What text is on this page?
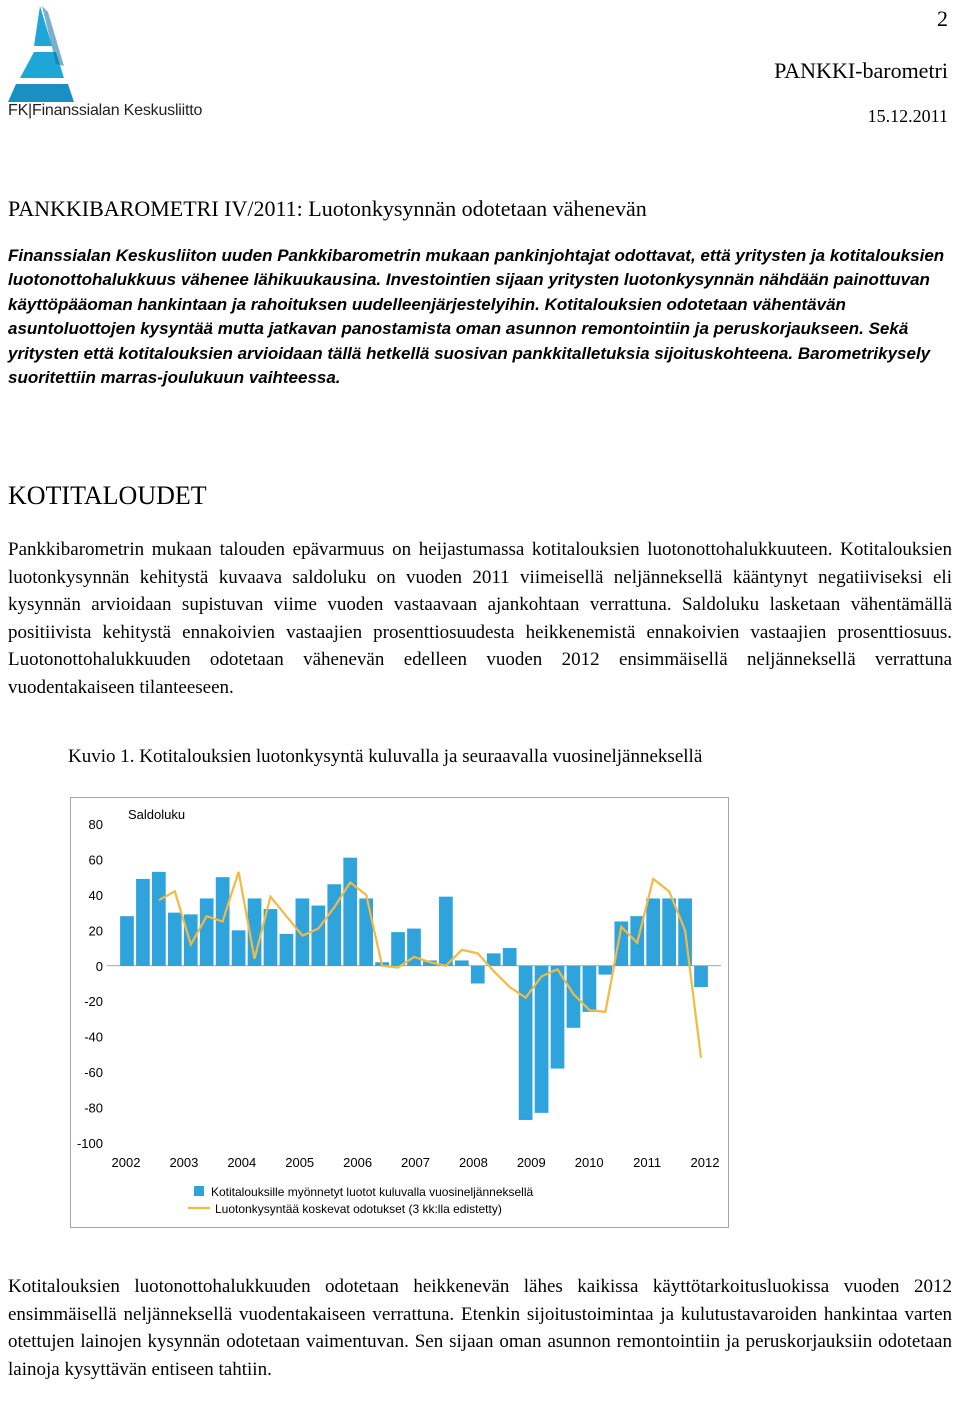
FK|Finanssialan Keskusliitto
2
PANKKI-barometri
15.12.2011
PANKKIBAROMETRI IV/2011: Luotonkysynnän odotetaan vähenevän
Finanssialan Keskusliiton uuden Pankkibarometrin mukaan pankinjohtajat odottavat, että yritysten ja kotitalouksien luotonottohalukkuus vähenee lähikuukausina. Investointien sijaan yritysten luotonkysynnän nähdään painottuvan käyttöpääoman hankintaan ja rahoituksen uudelleenjärjestelyihin. Kotitalouksien odotetaan vähentävän asuntoluottojen kysyntää mutta jatkavan panostamista oman asunnon remontointiin ja peruskorjaukseen. Sekä yritysten että kotitalouksien arvioidaan tällä hetkellä suosivan pankkitalletuksia sijoituskohteena. Barometrikysely suoritettiin marras-joulukuun vaihteessa.
KOTITALOUDET
Pankkibarometrin mukaan talouden epävarmuus on heijastumassa kotitalouksien luotonottohalukkuuteen. Kotitalouksien luotonkysynnän kehitystä kuvaava saldoluku on vuoden 2011 viimeisellä neljänneksellä kääntynyt negatiiviseksi eli kysynnän arvioidaan supistuvan viime vuoden vastaavaan ajankohtaan verrattuna. Saldoluku lasketaan vähentämällä positiivista kehitystä ennakoivien vastaajien prosenttiosuudesta heikkenemistä ennakoivien vastaajien prosenttiosuus. Luotonottohalukkuuden odotetaan vähenevän edelleen vuoden 2012 ensimmäisellä neljänneksellä verrattuna vuodentakaiseen tilanteeseen.
Kuvio 1. Kotitalouksien luotonkysyntä kuluvalla ja seuraavalla vuosineljänneksellä
Saldoluku
80
60
40
20
0
-20
-40
-60
-80
-100
2002 2003 2004 2005 2006 2007 2008 2009 2010 2011 2012
Kotitalouksille myönnetyt luotot kuluvalla vuosineljänneksellä
Luotonkysyntää koskevat odotukset (3 kk:lla edistetty)
Kotitalouksien luotonottohalukkuuden odotetaan heikkenevän lähes kaikissa käyttötarkoitusluokissa vuoden 2012 ensimmäisellä neljänneksellä vuodentakaiseen verrattuna. Etenkin sijoitustoimintaa ja kulutustavaroiden hankintaa varten otettujen lainojen kysynnän odotetaan vaimentuvan. Sen sijaan oman asunnon remontointiin ja peruskorjauksiin odotetaan lainoja kysyttävän entiseen tahtiin.
